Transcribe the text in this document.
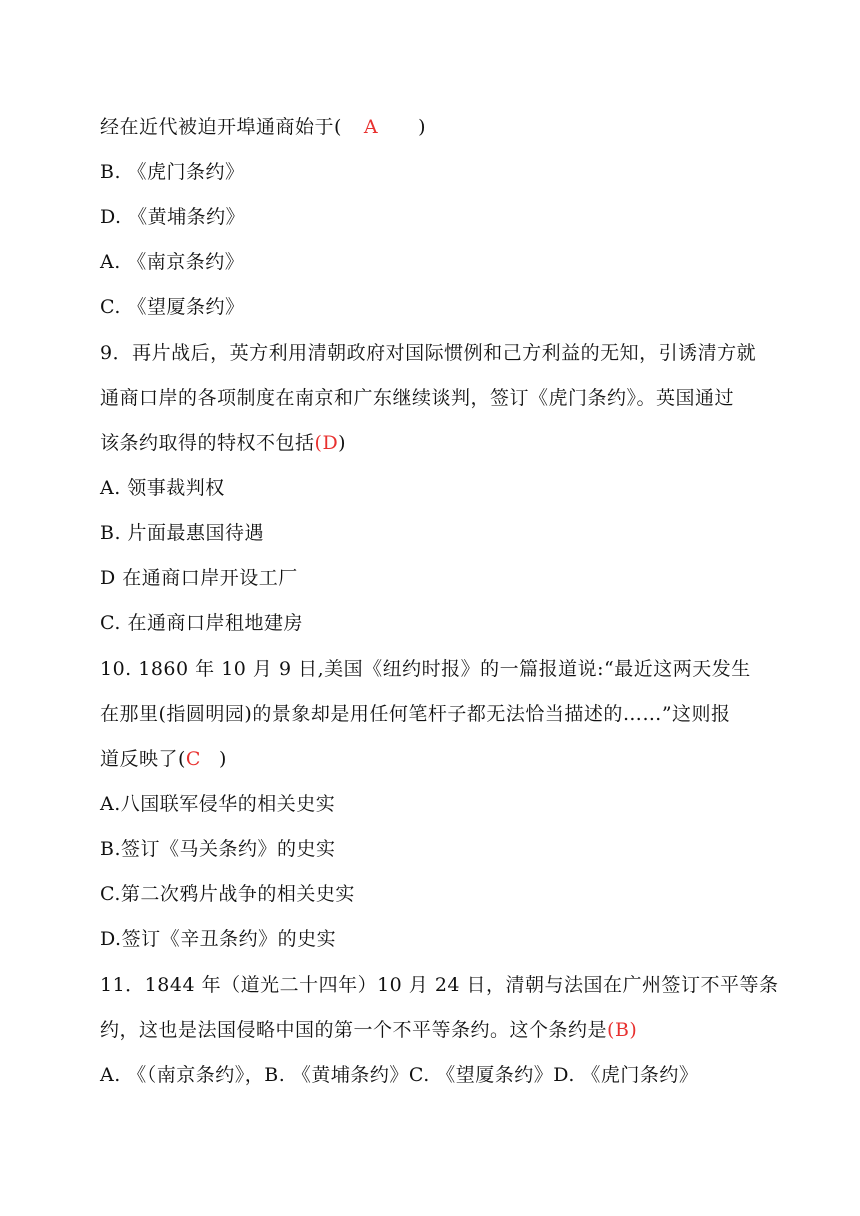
经在近代被迫开埠通商始于( A )
B. 《虎门条约》
D. 《黄埔条约》
A. 《南京条约》
C. 《望厦条约》
9．再片战后，英方利用清朝政府对国际惯例和己方利益的无知，引诱清方就
通商口岸的各项制度在南京和广东继续谈判，签订《虎门条约》。英国通过
该条约取得的特权不包括(D)
A. 领事裁判权
B. 片面最惠国待遇
D 在通商口岸开设工厂
C. 在通商口岸租地建房
10. 1860 年 10 月 9 日,美国《纽约时报》的一篇报道说:“最近这两天发生
在那里(指圆明园)的景象却是用任何笔杆子都无法恰当描述的……”这则报
道反映了(C )
A.八国联军侵华的相关史实
B.签订《马关条约》的史实
C.第二次鸦片战争的相关史实
D.签订《辛丑条约》的史实
11．1844 年（道光二十四年）10 月 24 日，清朝与法国在广州签订不平等条
约，这也是法国侵略中国的第一个不平等条约。这个条约是(B)
A. 《（南京条约》，B. 《黄埔条约》C. 《望厦条约》D. 《虎门条约》
